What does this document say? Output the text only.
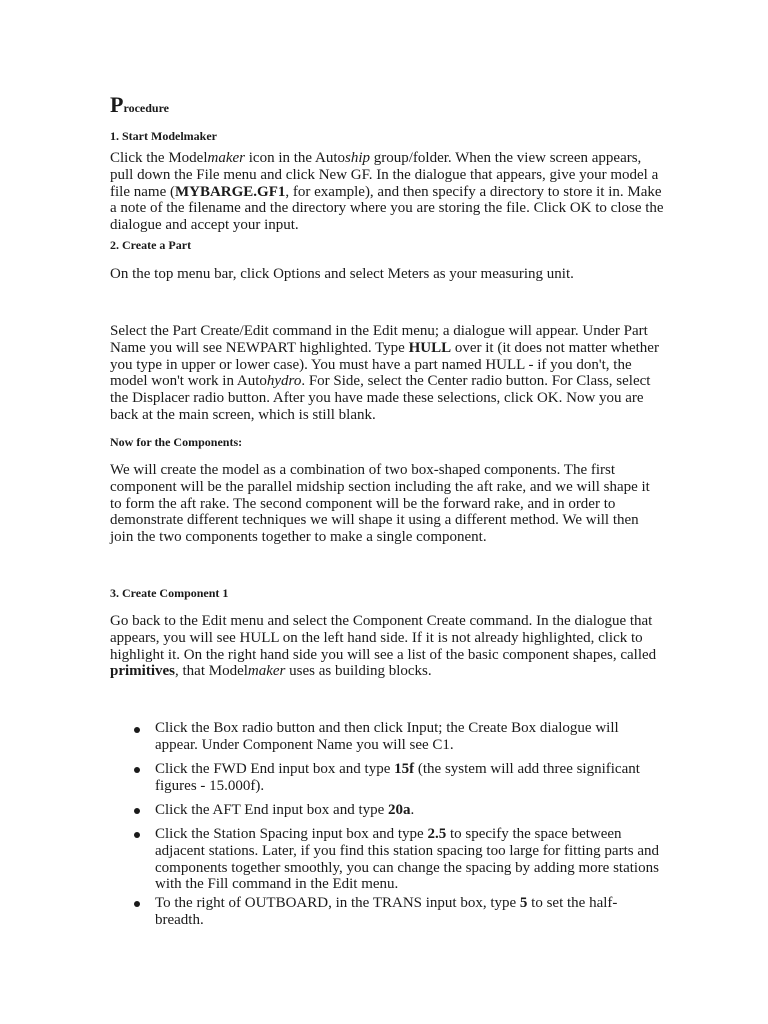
Procedure
1. Start Modelmaker

Click the Modelmaker icon in the Autoship group/folder. When the view screen appears, pull down the File menu and click New GF. In the dialogue that appears, give your model a file name (MYBARGE.GF1, for example), and then specify a directory to store it in. Make a note of the filename and the directory where you are storing the file. Click OK to close the dialogue and accept your input.

2. Create a Part

On the top menu bar, click Options and select Meters as your measuring unit.

Select the Part Create/Edit command in the Edit menu; a dialogue will appear. Under Part Name you will see NEWPART highlighted. Type HULL over it (it does not matter whether you type in upper or lower case). You must have a part named HULL - if you don't, the model won't work in Autohydro. For Side, select the Center radio button. For Class, select the Displacer radio button. After you have made these selections, click OK. Now you are back at the main screen, which is still blank.

Now for the Components:

We will create the model as a combination of two box-shaped components. The first component will be the parallel midship section including the aft rake, and we will shape it to form the aft rake. The second component will be the forward rake, and in order to demonstrate different techniques we will shape it using a different method. We will then join the two components together to make a single component.

3. Create Component 1

Go back to the Edit menu and select the Component Create command. In the dialogue that appears, you will see HULL on the left hand side. If it is not already highlighted, click to highlight it. On the right hand side you will see a list of the basic component shapes, called primitives, that Modelmaker uses as building blocks.

Click the Box radio button and then click Input; the Create Box dialogue will appear. Under Component Name you will see C1.

Click the FWD End input box and type 15f (the system will add three significant figures - 15.000f).

Click the AFT End input box and type 20a.

Click the Station Spacing input box and type 2.5 to specify the space between adjacent stations. Later, if you find this station spacing too large for fitting parts and components together smoothly, you can change the spacing by adding more stations with the Fill command in the Edit menu.

To the right of OUTBOARD, in the TRANS input box, type 5 to set the half-breadth.
